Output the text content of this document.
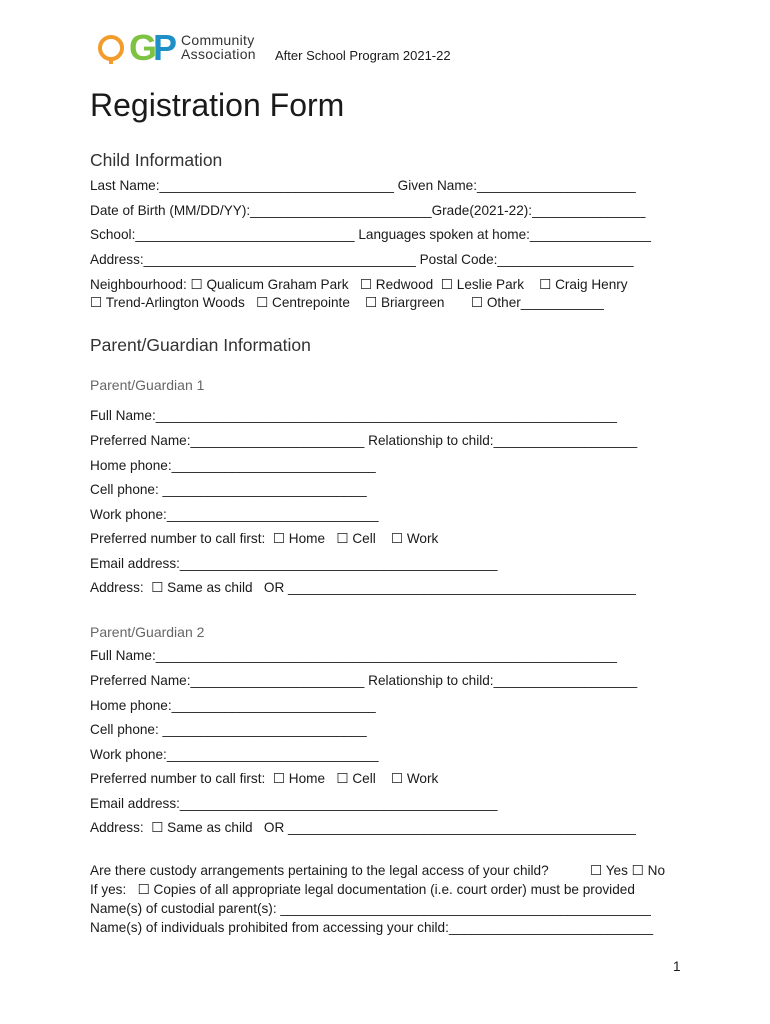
G
P Community
Association After School Program 2021-22
Registration Form
Child Information
Last Name:_______________________________ Given Name:_____________________
Date of Birth (MM/DD/YY):________________________Grade(2021-22):_______________
School:_____________________________ Languages spoken at home:________________
Address:____________________________________ Postal Code:__________________
Neighbourhood: ☐ Qualicum Graham Park   ☐ Redwood  ☐ Leslie Park    ☐ Craig Henry
☐ Trend-Arlington Woods   ☐ Centrepointe    ☐ Briargreen       ☐ Other___________
Parent/Guardian Information
Parent/Guardian 1
Full Name:_____________________________________________________________
Preferred Name:_______________________ Relationship to child:___________________
Home phone:___________________________
Cell phone: ___________________________
Work phone:____________________________
Preferred number to call first:  ☐ Home   ☐ Cell    ☐ Work
Email address:__________________________________________
Address:  ☐ Same as child   OR ______________________________________________
Parent/Guardian 2
Full Name:_____________________________________________________________
Preferred Name:_______________________ Relationship to child:___________________
Home phone:___________________________
Cell phone: ___________________________
Work phone:____________________________
Preferred number to call first:  ☐ Home   ☐ Cell    ☐ Work
Email address:__________________________________________
Address:  ☐ Same as child   OR ______________________________________________
Are there custody arrangements pertaining to the legal access of your child?	☐ Yes ☐ No
If yes:   ☐ Copies of all appropriate legal documentation (i.e. court order) must be provided
Name(s) of custodial parent(s): _________________________________________________
Name(s) of individuals prohibited from accessing your child:___________________________
1
